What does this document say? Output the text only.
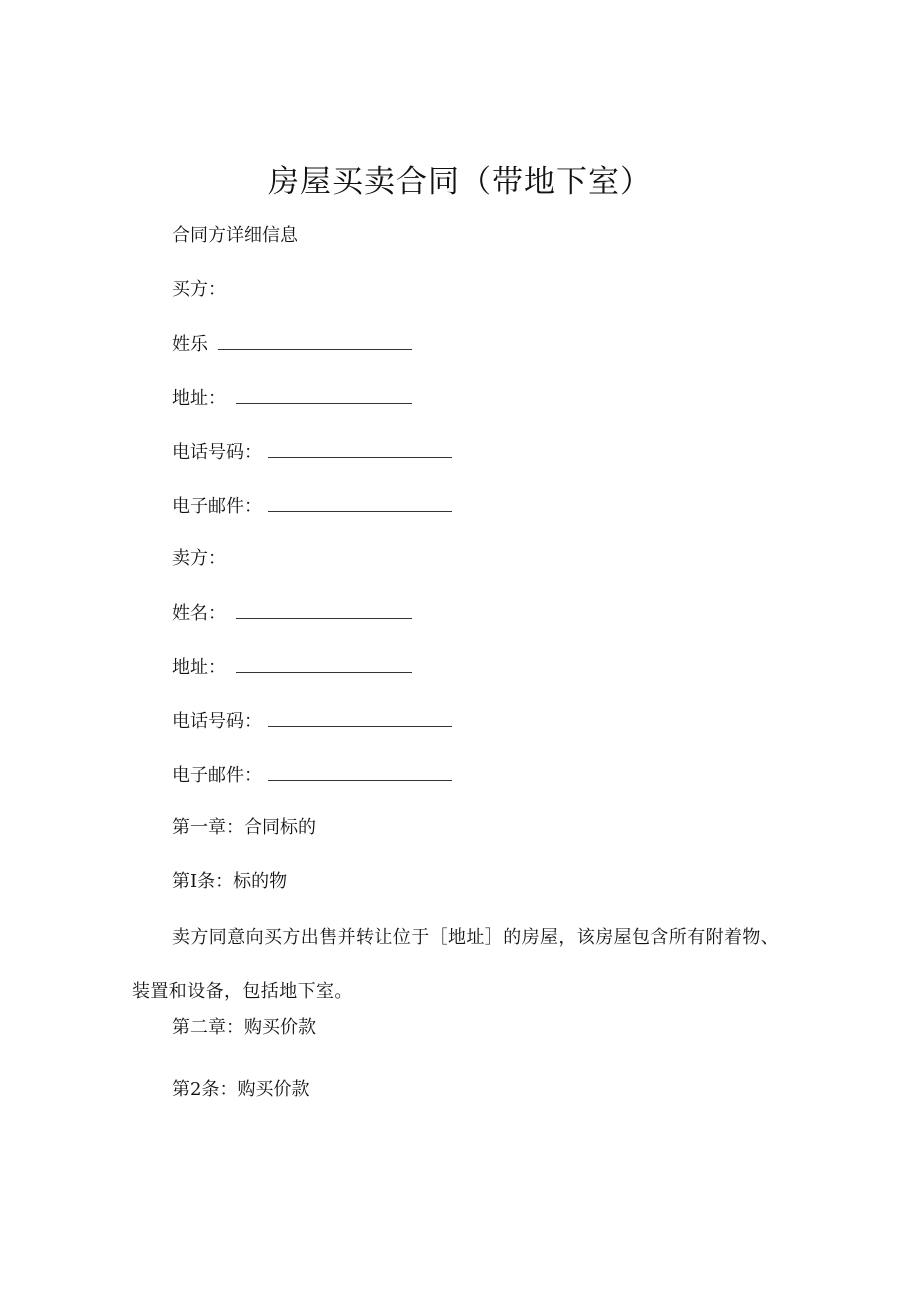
房屋买卖合同（带地下室）
合同方详细信息
买方：
姓乐
地址：
电话号码：
电子邮件：
卖方：
姓名：
地址：
电话号码：
电子邮件：
第一章：合同标的
第I条：标的物
卖方同意向买方出售并转让位于［地址］的房屋，该房屋包含所有附着物、装置和设备，包括地下室。
第二章：购买价款
第2条：购买价款
